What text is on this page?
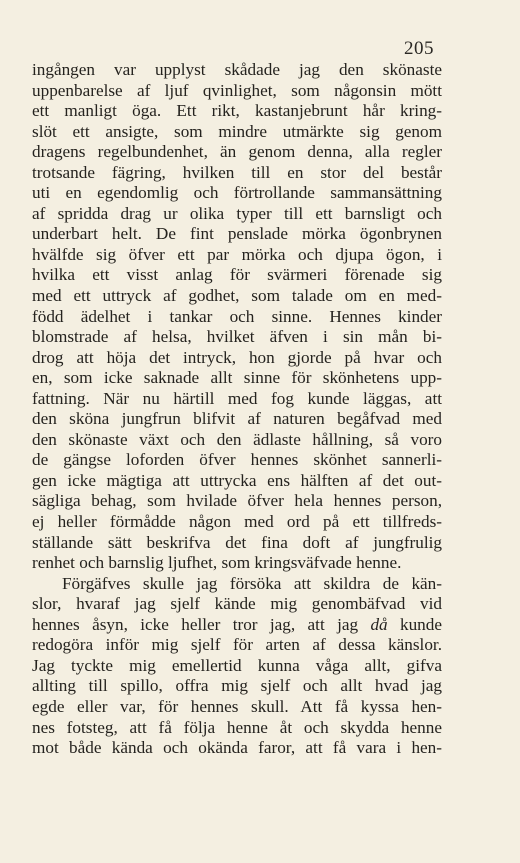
205
ingången var upplyst skådade jag den skönaste
uppenbarelse af ljuf qvinlighet, som någonsin mött
ett manligt öga. Ett rikt, kastanjebrunt hår kring-
slöt ett ansigte, som mindre utmärkte sig genom
dragens regelbundenhet, än genom denna, alla regler
trotsande fägring, hvilken till en stor del består
uti en egendomlig och förtrollande sammansättning
af spridda drag ur olika typer till ett barnsligt och
underbart helt. De fint penslade mörka ögonbrynen
hvälfde sig öfver ett par mörka och djupa ögon, i
hvilka ett visst anlag för svärmeri förenade sig
med ett uttryck af godhet, som talade om en med-
född ädelhet i tankar och sinne. Hennes kinder
blomstrade af helsa, hvilket äfven i sin mån bi-
drog att höja det intryck, hon gjorde på hvar och
en, som icke saknade allt sinne för skönhetens upp-
fattning. När nu härtill med fog kunde läggas, att
den sköna jungfrun blifvit af naturen begåfvad med
den skönaste växt och den ädlaste hållning, så voro
de gängse loforden öfver hennes skönhet sannerli-
gen icke mägtiga att uttrycka ens hälften af det out-
sägliga behag, som hvilade öfver hela hennes person,
ej heller förmådde någon med ord på ett tillfreds-
ställande sätt beskrifva det fina doft af jungfrulig
renhet och barnslig ljufhet, som kringsväfvade henne.
Förgäfves skulle jag försöka att skildra de kän-
slor, hvaraf jag sjelf kände mig genombäfvad vid
hennes åsyn, icke heller tror jag, att jag då kunde
redogöra inför mig sjelf för arten af dessa känslor.
Jag tyckte mig emellertid kunna våga allt, gifva
allting till spillo, offra mig sjelf och allt hvad jag
egde eller var, för hennes skull. Att få kyssa hen-
nes fotsteg, att få följa henne åt och skydda henne
mot både kända och okända faror, att få vara i hen-
